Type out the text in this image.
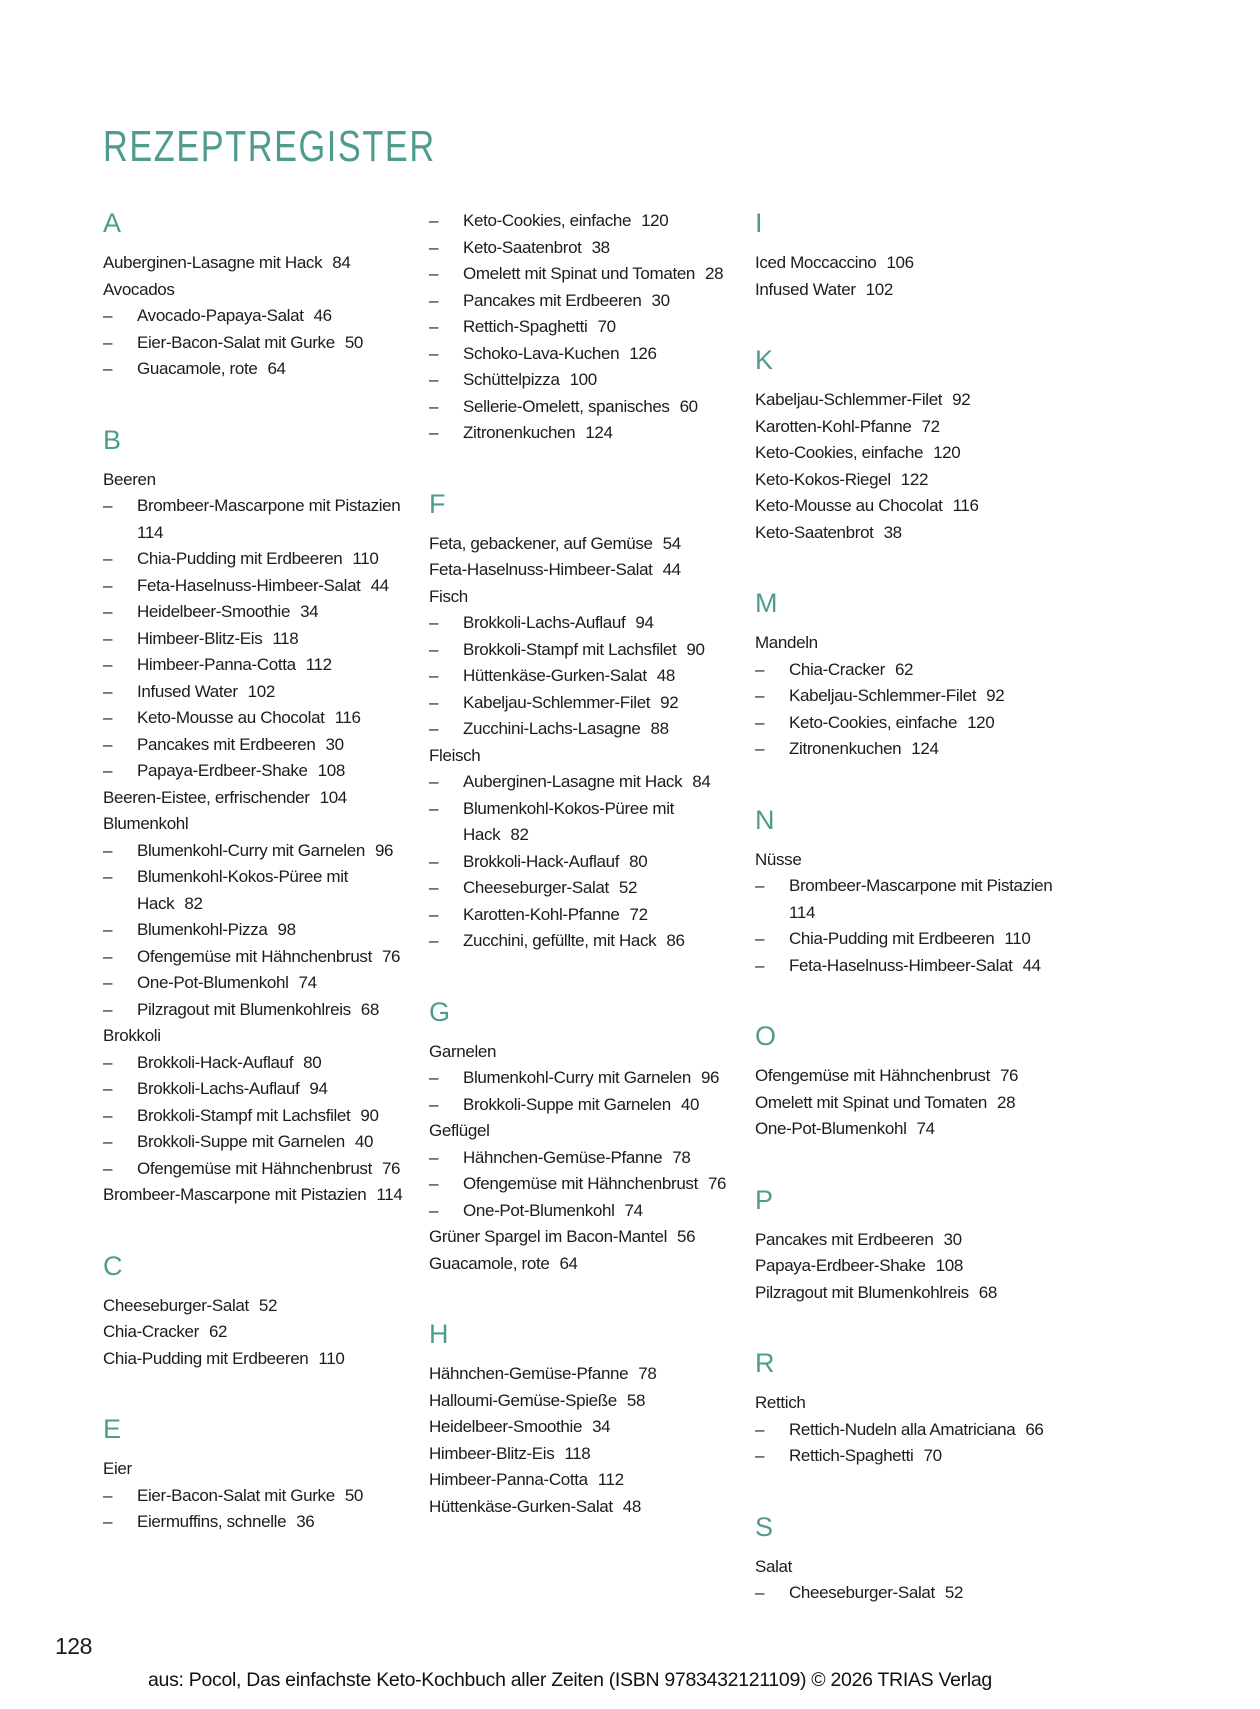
REZEPTREGISTER
A
Auberginen-Lasagne mit Hack 84
Avocados
– Avocado-Papaya-Salat 46
– Eier-Bacon-Salat mit Gurke 50
– Guacamole, rote 64
B
Beeren
– Brombeer-Mascarpone mit Pistazien
114
– Chia-Pudding mit Erdbeeren 110
– Feta-Haselnuss-Himbeer-Salat 44
– Heidelbeer-Smoothie 34
– Himbeer-Blitz-Eis 118
– Himbeer-Panna-Cotta 112
– Infused Water 102
– Keto-Mousse au Chocolat 116
– Pancakes mit Erdbeeren 30
– Papaya-Erdbeer-Shake 108
Beeren-Eistee, erfrischender 104
Blumenkohl
– Blumenkohl-Curry mit Garnelen 96
– Blumenkohl-Kokos-Püree mit Hack 82
– Blumenkohl-Pizza 98
– Ofengemüse mit Hähnchenbrust 76
– One-Pot-Blumenkohl 74
– Pilzragout mit Blumenkohlreis 68
Brokkoli
– Brokkoli-Hack-Auflauf 80
– Brokkoli-Lachs-Auflauf 94
– Brokkoli-Stampf mit Lachsfilet 90
– Brokkoli-Suppe mit Garnelen 40
– Ofengemüse mit Hähnchenbrust 76
Brombeer-Mascarpone mit Pistazien 114
C
Cheeseburger-Salat 52
Chia-Cracker 62
Chia-Pudding mit Erdbeeren 110
E
Eier
– Eier-Bacon-Salat mit Gurke 50
– Eiermuffins, schnelle 36
– Keto-Cookies, einfache 120
– Keto-Saatenbrot 38
– Omelett mit Spinat und Tomaten 28
– Pancakes mit Erdbeeren 30
– Rettich-Spaghetti 70
– Schoko-Lava-Kuchen 126
– Schüttelpizza 100
– Sellerie-Omelett, spanisches 60
– Zitronenkuchen 124
F
Feta, gebackener, auf Gemüse 54
Feta-Haselnuss-Himbeer-Salat 44
Fisch
– Brokkoli-Lachs-Auflauf 94
– Brokkoli-Stampf mit Lachsfilet 90
– Hüttenkäse-Gurken-Salat 48
– Kabeljau-Schlemmer-Filet 92
– Zucchini-Lachs-Lasagne 88
Fleisch
– Auberginen-Lasagne mit Hack 84
– Blumenkohl-Kokos-Püree mit Hack 82
– Brokkoli-Hack-Auflauf 80
– Cheeseburger-Salat 52
– Karotten-Kohl-Pfanne 72
– Zucchini, gefüllte, mit Hack 86
G
Garnelen
– Blumenkohl-Curry mit Garnelen 96
– Brokkoli-Suppe mit Garnelen 40
Geflügel
– Hähnchen-Gemüse-Pfanne 78
– Ofengemüse mit Hähnchenbrust 76
– One-Pot-Blumenkohl 74
Grüner Spargel im Bacon-Mantel 56
Guacamole, rote 64
H
Hähnchen-Gemüse-Pfanne 78
Halloumi-Gemüse-Spieße 58
Heidelbeer-Smoothie 34
Himbeer-Blitz-Eis 118
Himbeer-Panna-Cotta 112
Hüttenkäse-Gurken-Salat 48
I
Iced Moccaccino 106
Infused Water 102
K
Kabeljau-Schlemmer-Filet 92
Karotten-Kohl-Pfanne 72
Keto-Cookies, einfache 120
Keto-Kokos-Riegel 122
Keto-Mousse au Chocolat 116
Keto-Saatenbrot 38
M
Mandeln
– Chia-Cracker 62
– Kabeljau-Schlemmer-Filet 92
– Keto-Cookies, einfache 120
– Zitronenkuchen 124
N
Nüsse
– Brombeer-Mascarpone mit Pistazien
114
– Chia-Pudding mit Erdbeeren 110
– Feta-Haselnuss-Himbeer-Salat 44
O
Ofengemüse mit Hähnchenbrust 76
Omelett mit Spinat und Tomaten 28
One-Pot-Blumenkohl 74
P
Pancakes mit Erdbeeren 30
Papaya-Erdbeer-Shake 108
Pilzragout mit Blumenkohlreis 68
R
Rettich
– Rettich-Nudeln alla Amatriciana 66
– Rettich-Spaghetti 70
S
Salat
– Cheeseburger-Salat 52
128
aus: Pocol, Das einfachste Keto-Kochbuch aller Zeiten (ISBN 9783432121109) © 2026 TRIAS Verlag
